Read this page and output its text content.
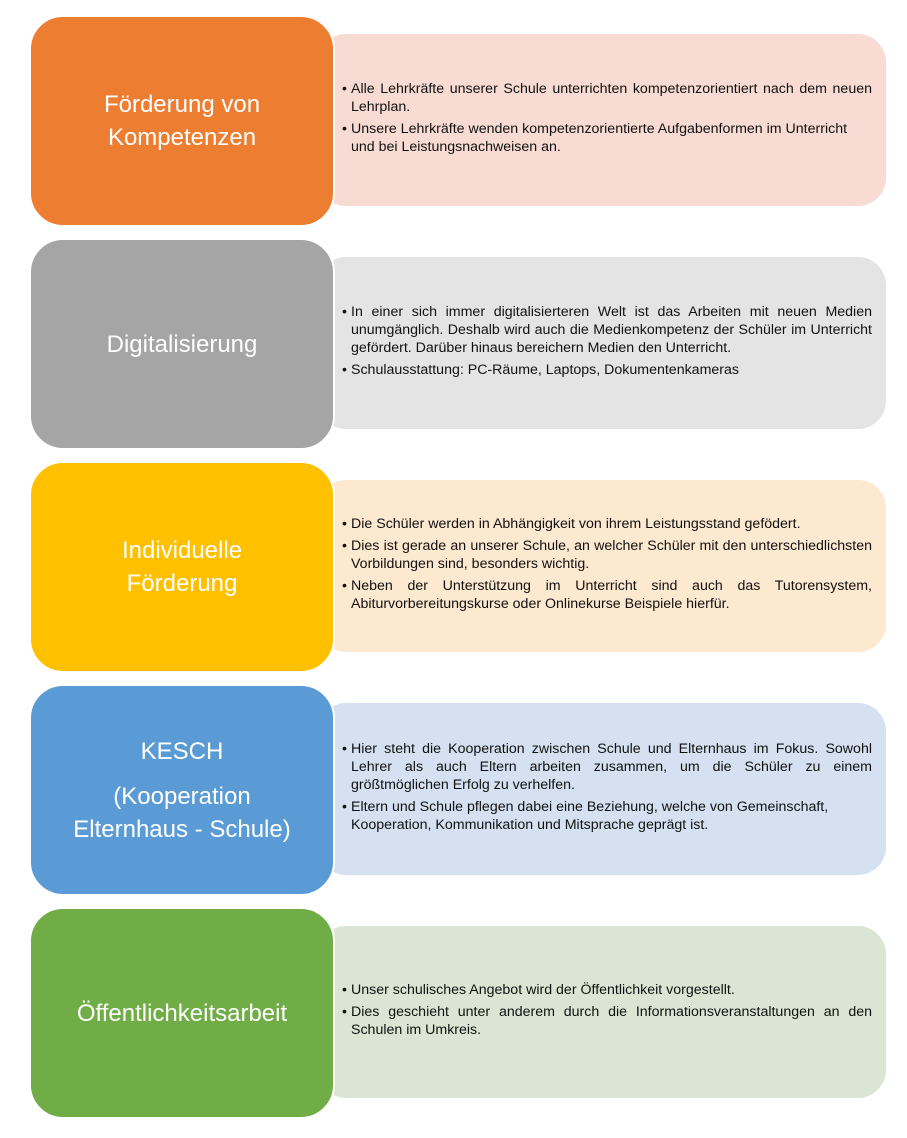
• Alle Lehrkräfte unserer Schule unterrichten kompetenzorientiert nach dem neuen Lehrplan.
• Unsere Lehrkräfte wenden kompetenzorientierte Aufgabenformen im Unterricht und bei Leistungsnachweisen an.
Förderung von
Kompetenzen
• In einer sich immer digitalisierteren Welt ist das Arbeiten mit neuen Medien unumgänglich. Deshalb wird auch die Medienkompetenz der Schüler im Unterricht gefördert. Darüber hinaus bereichern Medien den Unterricht.
• Schulausstattung: PC-Räume, Laptops, Dokumentenkameras
Digitalisierung
• Die Schüler werden in Abhängigkeit von ihrem Leistungsstand gefödert.
• Dies ist gerade an unserer Schule, an welcher Schüler mit den unterschiedlichsten Vorbildungen sind, besonders wichtig.
• Neben der Unterstützung im Unterricht sind auch das Tutorensystem, Abiturvorbereitungskurse oder Onlinekurse Beispiele hierfür.
Individuelle
Förderung
• Hier steht die Kooperation zwischen Schule und Elternhaus im Fokus. Sowohl Lehrer als auch Eltern arbeiten zusammen, um die Schüler zu einem größtmöglichen Erfolg zu verhelfen.
• Eltern und Schule pflegen dabei eine Beziehung, welche von Gemeinschaft, Kooperation, Kommunikation und Mitsprache geprägt ist.
KESCH
(Kooperation
Elternhaus - Schule)
• Unser schulisches Angebot wird der Öffentlichkeit vorgestellt.
• Dies geschieht unter anderem durch die Informationsveranstaltungen an den Schulen im Umkreis.
Öffentlichkeitsarbeit
